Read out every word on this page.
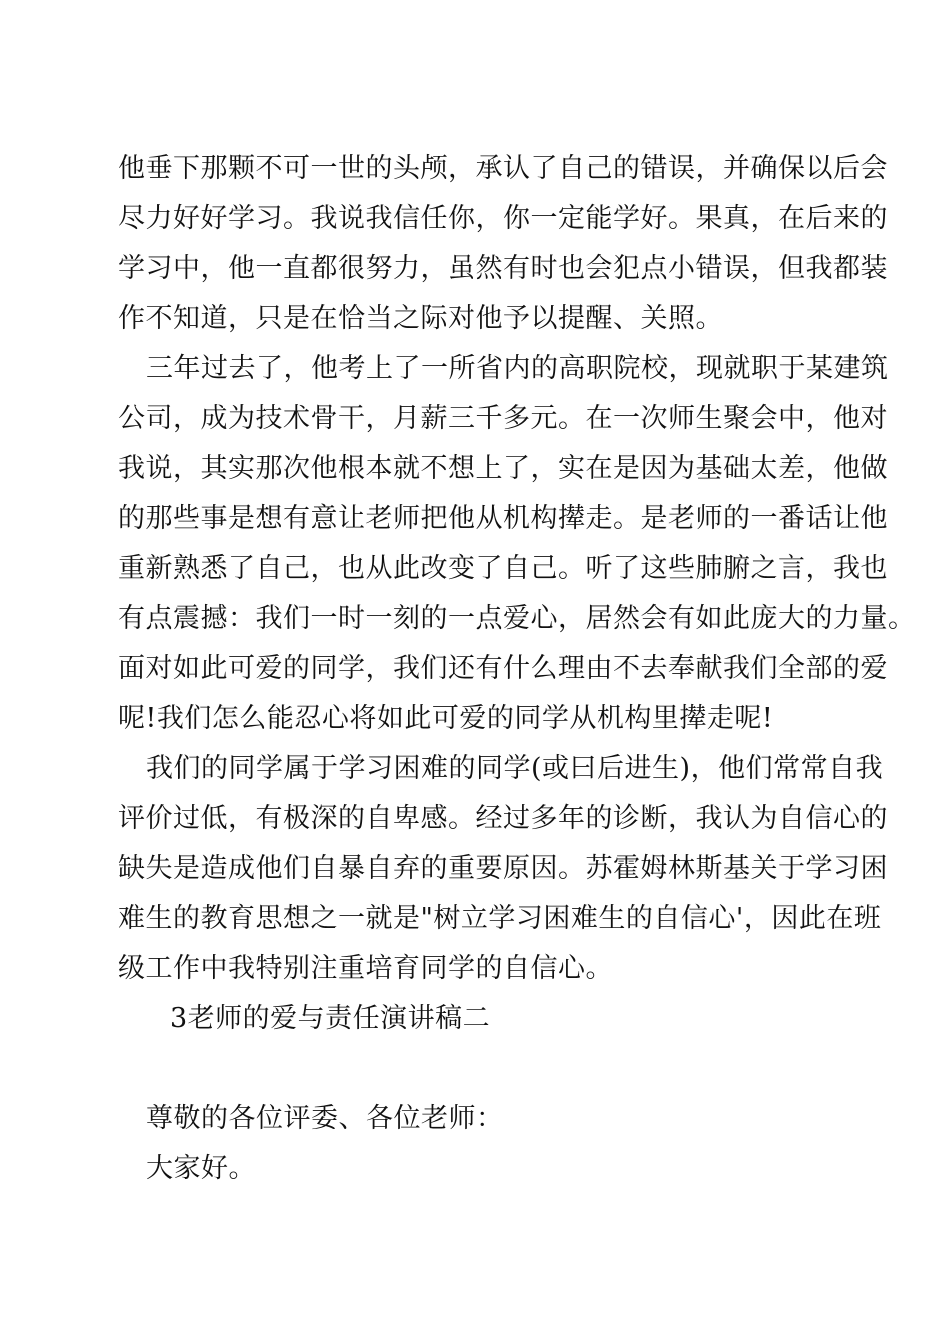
他垂下那颗不可一世的头颅，承认了自己的错误，并确保以后会
尽力好好学习。我说我信任你，你一定能学好。果真，在后来的
学习中，他一直都很努力，虽然有时也会犯点小错误，但我都装
作不知道，只是在恰当之际对他予以提醒、关照。
三年过去了，他考上了一所省内的高职院校，现就职于某建筑
公司，成为技术骨干，月薪三千多元。在一次师生聚会中，他对
我说，其实那次他根本就不想上了，实在是因为基础太差，他做
的那些事是想有意让老师把他从机构撵走。是老师的一番话让他
重新熟悉了自己，也从此改变了自己。听了这些肺腑之言，我也
有点震撼：我们一时一刻的一点爱心，居然会有如此庞大的力量。
面对如此可爱的同学，我们还有什么理由不去奉献我们全部的爱
呢!我们怎么能忍心将如此可爱的同学从机构里撵走呢!
我们的同学属于学习困难的同学(或曰后进生)，他们常常自我
评价过低，有极深的自卑感。经过多年的诊断，我认为自信心的
缺失是造成他们自暴自弃的重要原因。苏霍姆林斯基关于学习困
难生的教育思想之一就是"树立学习困难生的自信心'，因此在班
级工作中我特别注重培育同学的自信心。
3老师的爱与责任演讲稿二
尊敬的各位评委、各位老师：
大家好。
